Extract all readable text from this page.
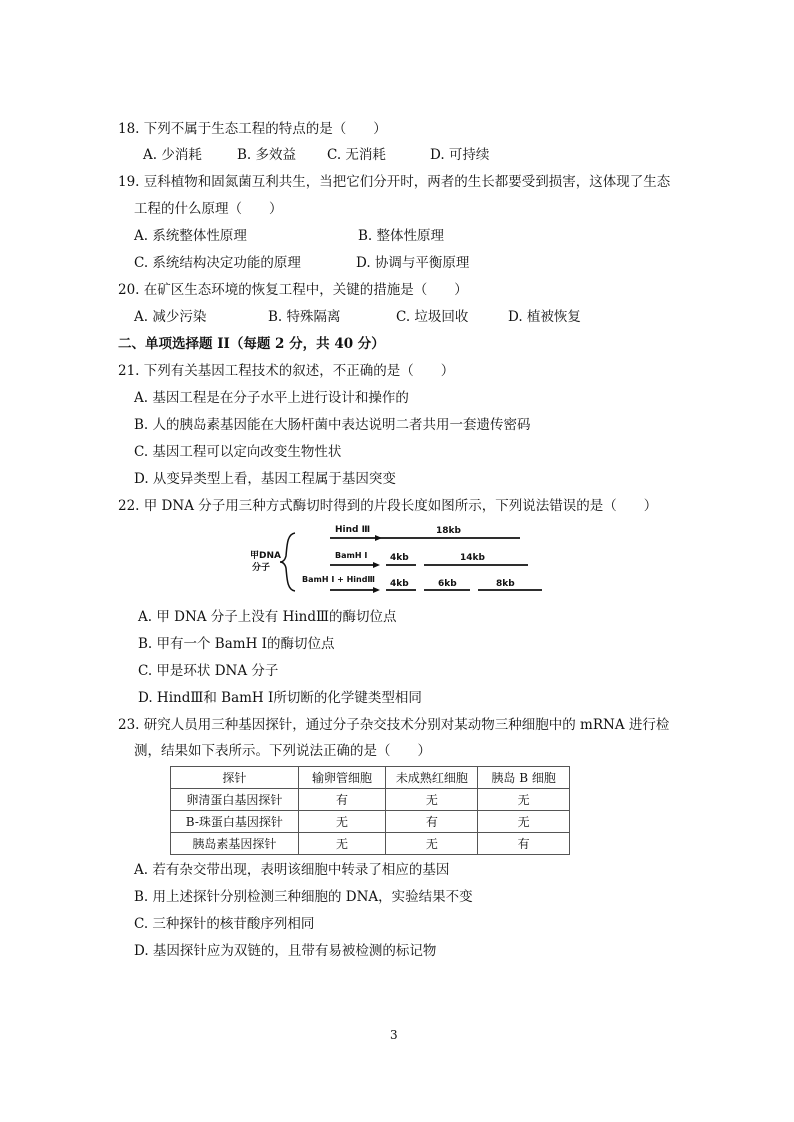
18. 下列不属于生态工程的特点的是（　　）
A. 少消耗	B. 多效益 C. 无消耗	D. 可持续
19. 豆科植物和固氮菌互利共生，当把它们分开时，两者的生长都要受到损害，这体现了生态
工程的什么原理（　　）
A. 系统整体性原理	B. 整体性原理
C. 系统结构决定功能的原理	D. 协调与平衡原理
20. 在矿区生态环境的恢复工程中，关键的措施是（　　）
A. 减少污染	B. 特殊隔离	C. 垃圾回收	D. 植被恢复
二、单项选择题 II（每题 2 分，共 40 分）
21. 下列有关基因工程技术的叙述，不正确的是（　　）
A. 基因工程是在分子水平上进行设计和操作的
B. 人的胰岛素基因能在大肠杆菌中表达说明二者共用一套遗传密码
C. 基因工程可以定向改变生物性状
D. 从变异类型上看，基因工程属于基因突变
22. 甲 DNA 分子用三种方式酶切时得到的片段长度如图所示，下列说法错误的是（　　）
甲DNA
分子
Hind Ⅲ	18kb
BamH Ⅰ	4kb	14kb
BamH Ⅰ + HindⅢ 4kb	6kb	8kb
A. 甲 DNA 分子上没有 HindⅢ的酶切位点
B. 甲有一个 BamH Ⅰ的酶切位点
C. 甲是环状 DNA 分子
D. HindⅢ和 BamH Ⅰ所切断的化学键类型相同
23. 研究人员用三种基因探针，通过分子杂交技术分别对某动物三种细胞中的 mRNA 进行检
测，结果如下表所示。下列说法正确的是（　　）
探针	输卵管细胞	未成熟红细胞	胰岛 B 细胞
卵清蛋白基因探针	有	无	无
B-珠蛋白基因探针	无	有	无
胰岛素基因探针	无	无	有
A. 若有杂交带出现，表明该细胞中转录了相应的基因
B. 用上述探针分别检测三种细胞的 DNA，实验结果不变
C. 三种探针的核苷酸序列相同
D. 基因探针应为双链的，且带有易被检测的标记物
3
